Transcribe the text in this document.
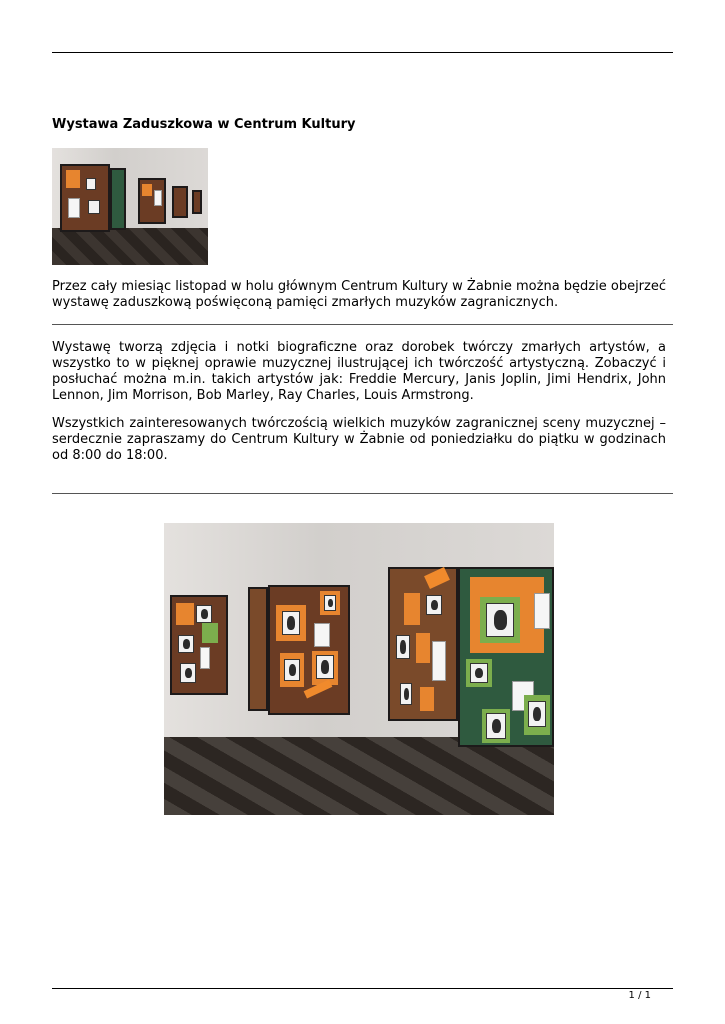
Wystawa Zaduszkowa w Centrum Kultury

Przez cały miesiąc listopad w holu głównym Centrum Kultury w Żabnie można będzie obejrzeć wystawę zaduszkową poświęconą pamięci zmarłych muzyków zagranicznych.

Wystawę tworzą zdjęcia i notki biograficzne oraz dorobek twórczy zmarłych artystów, a wszystko to w pięknej oprawie muzycznej ilustrującej ich twórczość artystyczną. Zobaczyć i posłuchać można m.in. takich artystów jak: Freddie Mercury, Janis Joplin, Jimi Hendrix, John Lennon, Jim Morrison, Bob Marley, Ray Charles, Louis Armstrong.

Wszystkich zainteresowanych twórczością wielkich muzyków zagranicznej sceny muzycznej – serdecznie zapraszamy do Centrum Kultury w Żabnie od poniedziałku do piątku w godzinach od 8:00 do 18:00.

1 / 1
